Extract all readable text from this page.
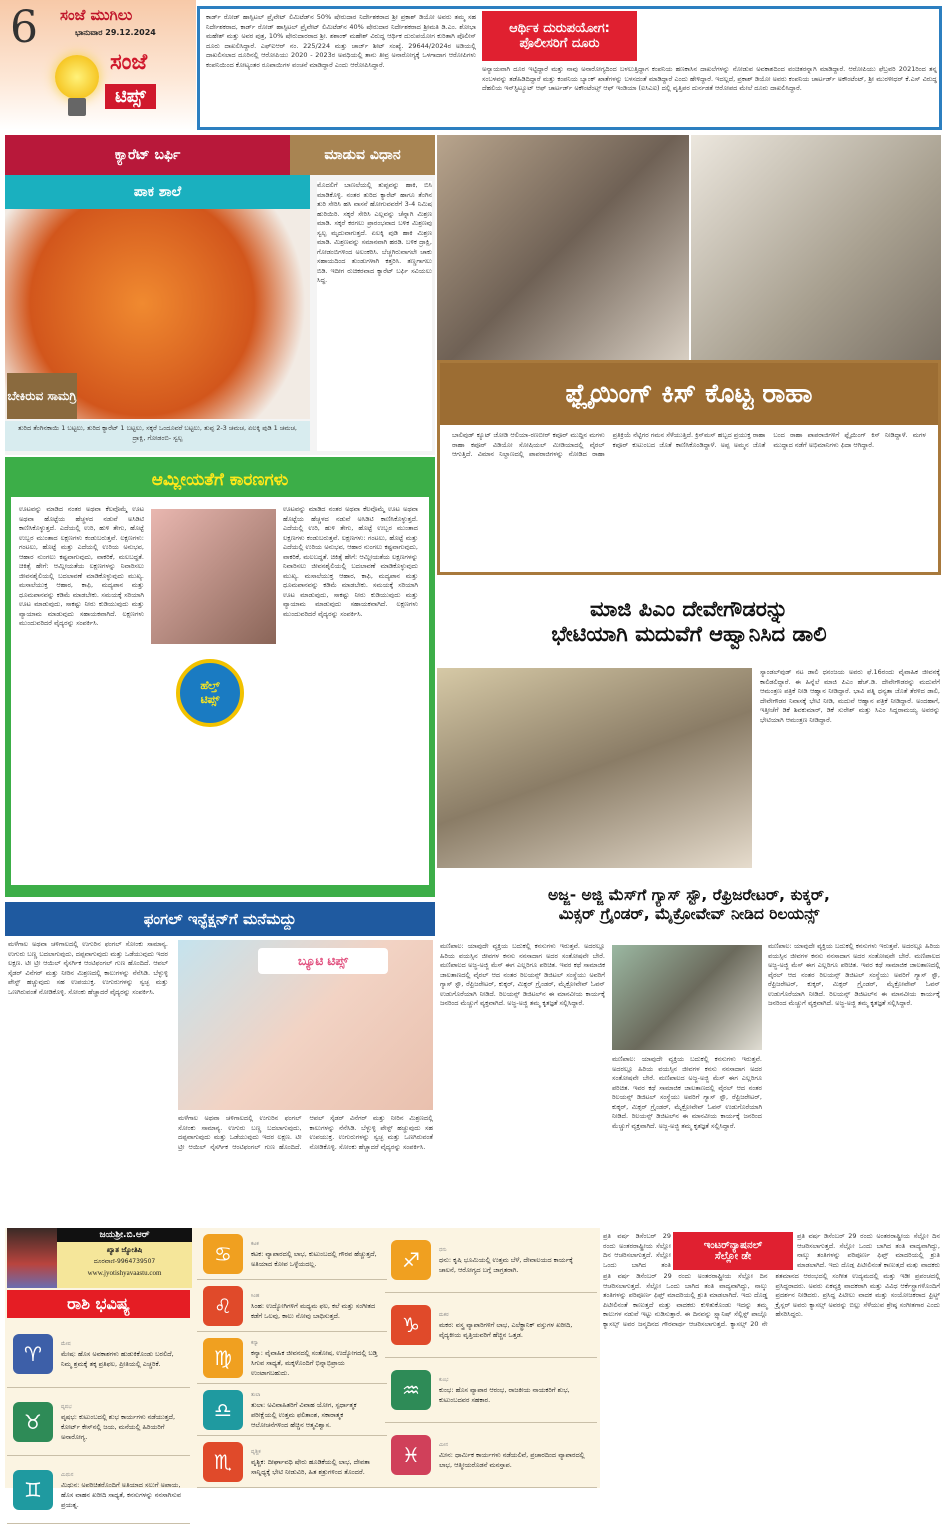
6 ಸಂಜೆ ಮುಗಿಲು
ಭಾನುವಾರ 29.12.2024
ಸಂಜೆ
ಟಿಪ್ಸ್
ಕಾರ್ಡ್ ರೋಡ್ ಹಾಸ್ಪಿಟಲ್ ಪ್ರೈವೇಟ್ ಲಿಮಿಟೆಡ್‌ನ 50% ಷೇರುದಾರ ನಿರ್ದೇಶಕರಾದ ಶ್ರೀ ಪ್ರಕಾಶ್ ಡಿಯೋ ಅವರು ತಮ್ಮ ಸಹ ನಿರ್ದೇಶಕರಾದ, ಕಾರ್ಡ್ ರೋಡ್ ಹಾಸ್ಪಿಟಲ್ ಪ್ರೈವೇಟ್ ಲಿಮಿಟೆಡ್‌ನ 40% ಷೇರುದಾರ ನಿರ್ದೇಶಕರಾದ ಶ್ರೀಮತಿ ಡಿ.ಎಂ. ಶೋಭಾ ಮಹೇಶ್ ಮತ್ತು ಅವರ ಪುತ್ರ, 10% ಷೇರುದಾರರಾದ ಶ್ರೀ. ಶಶಾಂಕ್ ಮಹೇಶ್ ವಿರುದ್ಧ ಆರ್ಥಿಕ ದುರುಪಯೋಗ ಕುರಿತಾಗಿ ಪೊಲೀಸ್ ದೂರು ದಾಖಲಿಸಿದ್ದಾರೆ. ಎಫ್‌ಐಆರ್ ನಂ. 225/224 ಮತ್ತು ಚಾರ್ಜ್ ಶೀಟ್ ಸಂಖ್ಯೆ. 29644/2024ರ ಅಡಿಯಲ್ಲಿ ದಾಖಲಿಸಲಾದ ದೂರಿನಲ್ಲಿ ಆರೋಪಿಯು 2020 - 2023ರ ಅವಧಿಯಲ್ಲಿ ತಾನು ತೀವ್ರ ಅನಾರೋಗ್ಯಕ್ಕೆ ಒಳಗಾದಾಗ ಆರೋಪಿಗಳು ಕಂಪನಿಯಿಂದ ಕೋಟ್ಯಂತರ ರೂಪಾಯಿಗಳ ವಂಚನೆ ಮಾಡಿದ್ದಾರೆ ಎಂದು ಆರೋಪಿಸಿದ್ದಾರೆ.
ಆರ್ಥಿಕ ದುರುಪಯೋಗ:
ಪೊಲೀಸರಿಗೆ ದೂರು
ಅನ್ಯಾಯವಾಗಿ ದೂರ ಇಟ್ಟಿದ್ದಾರೆ ಮತ್ತು ನಾವು ಅನಾರೋಗ್ಯದಿಂದ ಬಳಲುತ್ತಿದ್ದಾಗ ಕಂಪನಿಯ ಹಣಕಾಸಿನ ದಾಖಲೆಗಳನ್ನು ನೋಡುವ ಅವಕಾಶದಿಂದ ವಂಚಿತರನ್ನಾಗಿ ಮಾಡಿದ್ದಾರೆ. ಆರೋಪಿಯು ಫೆಬ್ರವರಿ 2021ರಿಂದ ತನ್ನ ಸಂಬಳವನ್ನು ತಡೆಹಿಡಿದಿದ್ದಾರೆ ಮತ್ತು ಕಂಪನಿಯ ಬ್ಯಾಂಕ್ ಖಾತೆಗಳನ್ನು ಬಳಸದಂತೆ ಮಾಡಿದ್ದಾರೆ ಎಂದು ಹೇಳಿದ್ದಾರೆ. ಇದಲ್ಲದೆ, ಪ್ರಕಾಶ್ ಡಿಯೋ ಅವರು ಕಂಪನಿಯ ಚಾರ್ಟರ್ಡ್ ಅಕೌಂಟೆಂಟ್, ಶ್ರೀ ಮುರಳೀಧರ್ ಕೆ.ಎಸ್ ವಿರುದ್ಧ ದೆಹಲಿಯ ಇನ್‌ಸ್ಟಿಟ್ಯೂಟ್ ಆಫ್ ಚಾರ್ಟರ್ಡ್ ಅಕೌಂಟೆಂಟ್ಸ್ ಆಫ್ ಇಂಡಿಯಾ (ಐಸಿಎಐ) ದಲ್ಲಿ ವೃತ್ತಿಪರ ದುರ್ನಡತೆ ಆರೋಪದ ಮೇಲೆ ದೂರು ದಾಖಲಿಸಿದ್ದಾರೆ.
ಕ್ಯಾರೆಟ್ ಬರ್ಫಿ	ಮಾಡುವ ವಿಧಾನ
ಪಾಕ ಶಾಲೆ
ಬೇಕಿರುವ ಸಾಮಗ್ರಿ
ತುರಿದ ತೆಂಗಿನಕಾಯಿ 1 ಬಟ್ಟಲು, ತುರಿದ ಕ್ಯಾರೆಟ್ 1 ಬಟ್ಟಲು, ಸಕ್ಕರೆ ಒಂದೂವರೆ ಬಟ್ಟಲು, ತುಪ್ಪ 2-3 ಚಮಚ, ಏಲಕ್ಕಿ ಪುಡಿ 1 ಚಮಚ, ದ್ರಾಕ್ಷಿ, ಗೋಡಂಬಿ- ಸ್ವಲ್ಪ
ಮೊದಲಿಗೆ ಬಾಣಲೆಯಲ್ಲಿ ತುಪ್ಪವನ್ನು ಹಾಕಿ, ಬಿಸಿ ಮಾಡಿಕೊಳ್ಳಿ. ನಂತರ ತುರಿದ ಕ್ಯಾರೆಟ್ ಹಾಗೂ ತೆಂಗಿನ ತುರಿ ಸೇರಿಸಿ ಹಸಿ ವಾಸನೆ ಹೋಗುವವರೆಗೆ 3-4 ನಿಮಿಷ ಹುರಿಯಿರಿ. ಸಕ್ಕರೆ ಸೇರಿಸಿ ಎಲ್ಲವನ್ನು ಚೆನ್ನಾಗಿ ಮಿಶ್ರಣ ಮಾಡಿ. ಸಕ್ಕರೆ ಕರಗಲು ಪ್ರಾರಂಭವಾದ ಬಳಿಕ ಮಿಶ್ರಣವು ಸ್ವಲ್ಪ ಮೃದುವಾಗುತ್ತದೆ. ಏಲಕ್ಕಿ ಪುಡಿ ಹಾಕಿ ಮಿಶ್ರಣ ಮಾಡಿ. ಮಿಶ್ರಣವನ್ನು ಸಮಾನವಾಗಿ ಹರಡಿ. ಬಳಿಕ ದ್ರಾಕ್ಷಿ, ಗೋಡಂಬಿಗಳಿಂದ ಅಲಂಕರಿಸಿ. ಬೆಚ್ಚಗಿರುವಾಗಲೇ ಚಾಕು ಸಹಾಯದಿಂದ ತುಂಡುಗಳಾಗಿ ಕತ್ತರಿಸಿ. ತಣ್ಣಗಾಗಲು ಬಿಡಿ. ಇದೀಗ ರುಚಿಕರವಾದ ಕ್ಯಾರೆಟ್ ಬರ್ಫಿ ಸವಿಯಲು ಸಿದ್ಧ.
ಫ್ಲೈಯಿಂಗ್ ಕಿಸ್ ಕೊಟ್ಟ ರಾಹಾ
ಬಾಲಿವುಡ್ ಕ್ಯೂಟ್ ಜೋಡಿ ಆಲಿಯಾ-ರಣಬೀರ್ ಕಪೂರ್ ಮುದ್ದಿನ ಮಗಳು ರಾಹಾ ಕಪೂರ್ ವಿಡಿಯೋ ಸೋಷಿಯಲ್ ಮೀಡಿಯಾದಲ್ಲಿ ವೈರಲ್ ಆಗುತ್ತಿದೆ. ವಿಮಾನ ನಿಲ್ದಾಣದಲ್ಲಿ ಪಾಪರಾಜಿಗಳನ್ನು ನೋಡಿದ ರಾಹಾ ಪ್ರತಿಕ್ರಿಯೆ ನೆಟ್ಟಿಗರ ಗಮನ ಸೆಳೆಯುತ್ತಿದೆ. ಕ್ರಿಸ್‌ಮಸ್ ಹಬ್ಬದ ಪ್ರಯುಕ್ತ ರಾಹಾ ಕಪೂರ್ ಕುಟುಂಬದ ಜೊತೆ ಕಾಣಿಸಿಕೊಂಡಿದ್ದಾಳೆ. ಅಪ್ಪ ಅಮ್ಮನ ಜೊತೆ ಬಂದ ರಾಹಾ ಪಾಪರಾಜಿಗಳಿಗೆ ಫ್ಲೈಯಿಂಗ್ ಕಿಸ್ ನೀಡಿದ್ದಾಳೆ. ಮಗಳ ಮುದ್ದಾದ ನಡೆಗೆ ಅಭಿಮಾನಿಗಳು ಫಿದಾ ಆಗಿದ್ದಾರೆ.
ಆಮ್ಲೀಯತೆಗೆ ಕಾರಣಗಳು
ಹೆಲ್ತ್
ಟಿಪ್ಸ್
ಊಟವನ್ನು ಮಾಡಿದ ನಂತರ ಅಥವಾ ಕೆಲವೊಮ್ಮೆ ಊಟ ಅಥವಾ ಹೊಟ್ಟೆಯ ಹೆಚ್ಚಳದ ನಡುವೆ ಅಸಿಡಿಟಿ ಕಾಣಿಸಿಕೊಳ್ಳುತ್ತದೆ. ಎದೆಯಲ್ಲಿ ಉರಿ, ಹುಳಿ ತೇಗು, ಹೊಟ್ಟೆ ಉಬ್ಬರ ಮುಂತಾದ ಲಕ್ಷಣಗಳು ಕಂಡುಬರುತ್ತವೆ. ಲಕ್ಷಣಗಳು: ಗಂಟಲು, ಹೊಟ್ಟೆ ಮತ್ತು ಎದೆಯಲ್ಲಿ ಉರಿಯ ಅನುಭವ, ಆಹಾರ ನುಂಗಲು ಕಷ್ಟವಾಗುವುದು, ವಾಕರಿಕೆ, ಮಲಬದ್ಧತೆ. ಚಿಕಿತ್ಸೆ ಹೇಗೆ: ಆಮ್ಲೀಯತೆಯ ಲಕ್ಷಣಗಳನ್ನು ನಿವಾರಿಸಲು ಜೀವನಶೈಲಿಯಲ್ಲಿ ಬದಲಾವಣೆ ಮಾಡಿಕೊಳ್ಳುವುದು ಮುಖ್ಯ. ಮಸಾಲೆಯುಕ್ತ ಆಹಾರ, ಕಾಫಿ, ಮದ್ಯಪಾನ ಮತ್ತು ಧೂಮಪಾನವನ್ನು ಕಡಿಮೆ ಮಾಡಬೇಕು. ಸಮಯಕ್ಕೆ ಸರಿಯಾಗಿ ಊಟ ಮಾಡುವುದು, ಸಾಕಷ್ಟು ನೀರು ಕುಡಿಯುವುದು ಮತ್ತು ವ್ಯಾಯಾಮ ಮಾಡುವುದು ಸಹಾಯಕವಾಗಿದೆ. ಲಕ್ಷಣಗಳು ಮುಂದುವರಿದರೆ ವೈದ್ಯರನ್ನು ಸಂಪರ್ಕಿಸಿ.
ಊಟವನ್ನು ಮಾಡಿದ ನಂತರ ಅಥವಾ ಕೆಲವೊಮ್ಮೆ ಊಟ ಅಥವಾ ಹೊಟ್ಟೆಯ ಹೆಚ್ಚಳದ ನಡುವೆ ಅಸಿಡಿಟಿ ಕಾಣಿಸಿಕೊಳ್ಳುತ್ತದೆ. ಎದೆಯಲ್ಲಿ ಉರಿ, ಹುಳಿ ತೇಗು, ಹೊಟ್ಟೆ ಉಬ್ಬರ ಮುಂತಾದ ಲಕ್ಷಣಗಳು ಕಂಡುಬರುತ್ತವೆ. ಲಕ್ಷಣಗಳು: ಗಂಟಲು, ಹೊಟ್ಟೆ ಮತ್ತು ಎದೆಯಲ್ಲಿ ಉರಿಯ ಅನುಭವ, ಆಹಾರ ನುಂಗಲು ಕಷ್ಟವಾಗುವುದು, ವಾಕರಿಕೆ, ಮಲಬದ್ಧತೆ. ಚಿಕಿತ್ಸೆ ಹೇಗೆ: ಆಮ್ಲೀಯತೆಯ ಲಕ್ಷಣಗಳನ್ನು ನಿವಾರಿಸಲು ಜೀವನಶೈಲಿಯಲ್ಲಿ ಬದಲಾವಣೆ ಮಾಡಿಕೊಳ್ಳುವುದು ಮುಖ್ಯ. ಮಸಾಲೆಯುಕ್ತ ಆಹಾರ, ಕಾಫಿ, ಮದ್ಯಪಾನ ಮತ್ತು ಧೂಮಪಾನವನ್ನು ಕಡಿಮೆ ಮಾಡಬೇಕು. ಸಮಯಕ್ಕೆ ಸರಿಯಾಗಿ ಊಟ ಮಾಡುವುದು, ಸಾಕಷ್ಟು ನೀರು ಕುಡಿಯುವುದು ಮತ್ತು ವ್ಯಾಯಾಮ ಮಾಡುವುದು ಸಹಾಯಕವಾಗಿದೆ. ಲಕ್ಷಣಗಳು ಮುಂದುವರಿದರೆ ವೈದ್ಯರನ್ನು ಸಂಪರ್ಕಿಸಿ.	ಮಾಜಿ ಪಿಎಂ ದೇವೇಗೌಡರನ್ನು
ಭೇಟಿಯಾಗಿ ಮದುವೆಗೆ ಆಹ್ವಾನಿಸಿದ ಡಾಲಿ
ಸ್ಯಾಂಡಲ್‌ವುಡ್ ನಟ ಡಾಲಿ ಧನಂಜಯ ಅವರು ಫೆ.16ರಂದು ವೈವಾಹಿಕ ಜೀವನಕ್ಕೆ ಕಾಲಿಡಲಿದ್ದಾರೆ. ಈ ಹಿನ್ನೆಲೆ ಮಾಜಿ ಪಿಎಂ ಹೆಚ್.ಡಿ. ದೇವೇಗೌಡರನ್ನು ಮದುವೆಗೆ ಆಮಂತ್ರಣ ಪತ್ರಿಕೆ ನೀಡಿ ಆಹ್ವಾನ ನೀಡಿದ್ದಾರೆ. ಭಾವಿ ಪತ್ನಿ ಧನ್ಯತಾ ಜೊತೆ ತೆರಳಿದ ಡಾಲಿ, ದೇವೇಗೌಡರ ನಿವಾಸಕ್ಕೆ ಭೇಟಿ ನೀಡಿ, ಮದುವೆ ಆಹ್ವಾನ ಪತ್ರಿಕೆ ನೀಡಿದ್ದಾರೆ. ಅಂದಹಾಗೆ, ಇತ್ತೀಚೆಗೆ ಡಿಕೆ ಶಿವಕುಮಾರ್, ಡಿಕೆ ಸುರೇಶ್ ಮತ್ತು ಸಿಎಂ ಸಿದ್ದರಾಮಯ್ಯ ಅವರನ್ನು ಭೇಟಿಯಾಗಿ ಆಮಂತ್ರಣ ನೀಡಿದ್ದಾರೆ.
ಅಜ್ಜ- ಅಜ್ಜಿ ಮೆಸ್‌ಗೆ ಗ್ಯಾಸ್ ಸ್ಟೌ, ರೆಫ್ರಿಜರೇಟರ್, ಕುಕ್ಕರ್,
ಮಿಕ್ಸರ್ ಗ್ರೈಂಡರ್, ಮೈಕ್ರೋವೇವ್ ನೀಡಿದ ರಿಲಯನ್ಸ್
ಮಣಿಪಾಲ: ಯಾವುದೇ ವ್ಯಕ್ತಿಯ ಬದುಕಲ್ಲಿ ಕನಸುಗಳು ಇರುತ್ತವೆ. ಅದರಲ್ಲೂ ಹಿರಿಯ ವಯಸ್ಸಿನ ಜೀವಗಳ ಕನಸು ನನಸಾದಾಗ ಅದರ ಸಂತೋಷವೇ ಬೇರೆ. ಮಣಿಪಾಲದ ಅಜ್ಜ-ಅಜ್ಜಿ ಮೆಸ್ ಈಗ ಎಲ್ಲರಿಗೂ ಪರಿಚಿತ. ಇವರ ಕಥೆ ಸಾಮಾಜಿಕ ಜಾಲತಾಣದಲ್ಲಿ ವೈರಲ್ ಆದ ನಂತರ ರಿಲಯನ್ಸ್ ಡಿಜಿಟಲ್ ಸಂಸ್ಥೆಯು ಅವರಿಗೆ ಗ್ಯಾಸ್ ಸ್ಟೌ, ರೆಫ್ರಿಜರೇಟರ್, ಕುಕ್ಕರ್, ಮಿಕ್ಸರ್ ಗ್ರೈಂಡರ್, ಮೈಕ್ರೋವೇವ್ ಓವನ್ ಉಡುಗೊರೆಯಾಗಿ ನೀಡಿದೆ. ರಿಲಯನ್ಸ್ ಡಿಜಿಟಲ್‌ನ ಈ ಮಾನವೀಯ ಕಾರ್ಯಕ್ಕೆ ಜನರಿಂದ ಮೆಚ್ಚುಗೆ ವ್ಯಕ್ತವಾಗಿದೆ. ಅಜ್ಜ-ಅಜ್ಜಿ ತಮ್ಮ ಕೃತಜ್ಞತೆ ಸಲ್ಲಿಸಿದ್ದಾರೆ.
ಮಣಿಪಾಲ: ಯಾವುದೇ ವ್ಯಕ್ತಿಯ ಬದುಕಲ್ಲಿ ಕನಸುಗಳು ಇರುತ್ತವೆ. ಅದರಲ್ಲೂ ಹಿರಿಯ ವಯಸ್ಸಿನ ಜೀವಗಳ ಕನಸು ನನಸಾದಾಗ ಅದರ ಸಂತೋಷವೇ ಬೇರೆ. ಮಣಿಪಾಲದ ಅಜ್ಜ-ಅಜ್ಜಿ ಮೆಸ್ ಈಗ ಎಲ್ಲರಿಗೂ ಪರಿಚಿತ. ಇವರ ಕಥೆ ಸಾಮಾಜಿಕ ಜಾಲತಾಣದಲ್ಲಿ ವೈರಲ್ ಆದ ನಂತರ ರಿಲಯನ್ಸ್ ಡಿಜಿಟಲ್ ಸಂಸ್ಥೆಯು ಅವರಿಗೆ ಗ್ಯಾಸ್ ಸ್ಟೌ, ರೆಫ್ರಿಜರೇಟರ್, ಕುಕ್ಕರ್, ಮಿಕ್ಸರ್ ಗ್ರೈಂಡರ್, ಮೈಕ್ರೋವೇವ್ ಓವನ್ ಉಡುಗೊರೆಯಾಗಿ ನೀಡಿದೆ. ರಿಲಯನ್ಸ್ ಡಿಜಿಟಲ್‌ನ ಈ ಮಾನವೀಯ ಕಾರ್ಯಕ್ಕೆ ಜನರಿಂದ ಮೆಚ್ಚುಗೆ ವ್ಯಕ್ತವಾಗಿದೆ. ಅಜ್ಜ-ಅಜ್ಜಿ ತಮ್ಮ ಕೃತಜ್ಞತೆ ಸಲ್ಲಿಸಿದ್ದಾರೆ.
ಮಣಿಪಾಲ: ಯಾವುದೇ ವ್ಯಕ್ತಿಯ ಬದುಕಲ್ಲಿ ಕನಸುಗಳು ಇರುತ್ತವೆ. ಅದರಲ್ಲೂ ಹಿರಿಯ ವಯಸ್ಸಿನ ಜೀವಗಳ ಕನಸು ನನಸಾದಾಗ ಅದರ ಸಂತೋಷವೇ ಬೇರೆ. ಮಣಿಪಾಲದ ಅಜ್ಜ-ಅಜ್ಜಿ ಮೆಸ್ ಈಗ ಎಲ್ಲರಿಗೂ ಪರಿಚಿತ. ಇವರ ಕಥೆ ಸಾಮಾಜಿಕ ಜಾಲತಾಣದಲ್ಲಿ ವೈರಲ್ ಆದ ನಂತರ ರಿಲಯನ್ಸ್ ಡಿಜಿಟಲ್ ಸಂಸ್ಥೆಯು ಅವರಿಗೆ ಗ್ಯಾಸ್ ಸ್ಟೌ, ರೆಫ್ರಿಜರೇಟರ್, ಕುಕ್ಕರ್, ಮಿಕ್ಸರ್ ಗ್ರೈಂಡರ್, ಮೈಕ್ರೋವೇವ್ ಓವನ್ ಉಡುಗೊರೆಯಾಗಿ ನೀಡಿದೆ. ರಿಲಯನ್ಸ್ ಡಿಜಿಟಲ್‌ನ ಈ ಮಾನವೀಯ ಕಾರ್ಯಕ್ಕೆ ಜನರಿಂದ ಮೆಚ್ಚುಗೆ ವ್ಯಕ್ತವಾಗಿದೆ. ಅಜ್ಜ-ಅಜ್ಜಿ ತಮ್ಮ ಕೃತಜ್ಞತೆ ಸಲ್ಲಿಸಿದ್ದಾರೆ.
ಫಂಗಲ್ ಇನ್ಫೆಕ್ಷನ್‌ಗೆ ಮನೆಮದ್ದು
ಮಳೆಗಾಲ ಅಥವಾ ಚಳಿಗಾಲದಲ್ಲಿ ಉಗುರಿನ ಫಂಗಲ್ ಸೋಂಕು ಸಾಮಾನ್ಯ. ಉಗುರು ಬಣ್ಣ ಬದಲಾಗುವುದು, ದಪ್ಪವಾಗುವುದು ಮತ್ತು ಒಡೆಯುವುದು ಇದರ ಲಕ್ಷಣ. ಟೀ ಟ್ರೀ ಆಯಿಲ್ ನೈಸರ್ಗಿಕ ಆಂಟಿಫಂಗಲ್ ಗುಣ ಹೊಂದಿದೆ. ಆಪಲ್ ಸೈಡರ್ ವಿನೆಗರ್ ಮತ್ತು ನೀರಿನ ಮಿಶ್ರಣದಲ್ಲಿ ಕಾಲುಗಳನ್ನು ನೆನೆಸಿಡಿ. ಬೆಳ್ಳುಳ್ಳಿ ಪೇಸ್ಟ್ ಹಚ್ಚುವುದು ಸಹ ಉಪಯುಕ್ತ. ಉಗುರುಗಳನ್ನು ಸ್ವಚ್ಛ ಮತ್ತು ಒಣಗಿರುವಂತೆ ನೋಡಿಕೊಳ್ಳಿ. ಸೋಂಕು ಹೆಚ್ಚಾದರೆ ವೈದ್ಯರನ್ನು ಸಂಪರ್ಕಿಸಿ.
ಬ್ಯೂಟಿ ಟಿಪ್ಸ್
ಮಳೆಗಾಲ ಅಥವಾ ಚಳಿಗಾಲದಲ್ಲಿ ಉಗುರಿನ ಫಂಗಲ್ ಸೋಂಕು ಸಾಮಾನ್ಯ. ಉಗುರು ಬಣ್ಣ ಬದಲಾಗುವುದು, ದಪ್ಪವಾಗುವುದು ಮತ್ತು ಒಡೆಯುವುದು ಇದರ ಲಕ್ಷಣ. ಟೀ ಟ್ರೀ ಆಯಿಲ್ ನೈಸರ್ಗಿಕ ಆಂಟಿಫಂಗಲ್ ಗುಣ ಹೊಂದಿದೆ. ಆಪಲ್ ಸೈಡರ್ ವಿನೆಗರ್ ಮತ್ತು ನೀರಿನ ಮಿಶ್ರಣದಲ್ಲಿ ಕಾಲುಗಳನ್ನು ನೆನೆಸಿಡಿ. ಬೆಳ್ಳುಳ್ಳಿ ಪೇಸ್ಟ್ ಹಚ್ಚುವುದು ಸಹ ಉಪಯುಕ್ತ. ಉಗುರುಗಳನ್ನು ಸ್ವಚ್ಛ ಮತ್ತು ಒಣಗಿರುವಂತೆ ನೋಡಿಕೊಳ್ಳಿ. ಸೋಂಕು ಹೆಚ್ಚಾದರೆ ವೈದ್ಯರನ್ನು ಸಂಪರ್ಕಿಸಿ.
ಜಯಶ್ರೀ.ಬಿ.ಆರ್
ಖ್ಯಾತ ಜ್ಯೋತಿಷಿ
ದೂರವಾಣಿ-9964739507
www.jyotishyavaastu.com
ರಾಶಿ ಭವಿಷ್ಯ
♈	ಮೇಷ
ಮೇಷ: ಹೊಸ ಅವಕಾಶಗಳು ಹುಡುಕಿಕೊಂಡು ಬರಲಿದೆ, ನಿಮ್ಮ ಶ್ರಮಕ್ಕೆ ತಕ್ಕ ಪ್ರತಿಫಲ, ಪ್ರೀತಿಯಲ್ಲಿ ಎಚ್ಚರಿಕೆ.
♉
ವೃಷಭ
ವೃಷಭ: ಕುಟುಂಬದಲ್ಲಿ ಶುಭ ಕಾರ್ಯಗಳು ನಡೆಯುತ್ತದೆ, ಕೋರ್ಟ್ ಕೇಸ್‌ನಲ್ಲಿ ಜಯ, ಮನೆಯಲ್ಲಿ ಹಿರಿಯರಿಗೆ ಅನಾರೋಗ್ಯ.
♊
ಮಿಥುನ
ಮಿಥುನ: ಅಪರಿಚಿತರೊಂದಿಗೆ ಅತಿಯಾದ ಸಲುಗೆ ಅಪಾಯ, ಹೊಸ ವಾಹನ ಖರೀದಿ ಸಾಧ್ಯತೆ, ಕನಸುಗಳನ್ನು ನನಸಾಗಿಸುವ ಪ್ರಯತ್ನ.
♋	ಕಟಕ
ಕಟಕ: ವ್ಯಾಪಾರದಲ್ಲಿ ಲಾಭ, ಕುಟುಂಬದಲ್ಲಿ ಗೌರವ ಹೆಚ್ಚುತ್ತದೆ, ಅತಿಯಾದ ಕೋಪ ಒಳ್ಳೆಯದಲ್ಲ.
♌	ಸಿಂಹ
ಸಿಂಹ: ಉದ್ಯೋಗಿಗಳಿಗೆ ಮಧ್ಯಮ ಫಲ, ಕಲೆ ಮತ್ತು ಸಂಗೀತದ ಕಡೆಗೆ ಒಲವು, ಕಾಲು ನೋವು ಬಾಧಿಸುತ್ತದೆ.
♍
ಕನ್ಯಾ
ಕನ್ಯಾ: ವೈವಾಹಿಕ ಜೀವನದಲ್ಲಿ ಸಂತೋಷ, ಉದ್ಯೋಗದಲ್ಲಿ ಬಡ್ತಿ ಸಿಗುವ ಸಾಧ್ಯತೆ, ಮಕ್ಕಳೊಂದಿಗೆ ಭಿನ್ನಾಭಿಪ್ರಾಯ ಉಂಟಾಗಬಹುದು.
♎
ತುಲಾ
ತುಲಾ: ಅವಿವಾಹಿತರಿಗೆ ವಿವಾಹ ಯೋಗ, ಸ್ಪರ್ಧಾತ್ಮಕ ಪರೀಕ್ಷೆಯಲ್ಲಿ ಉತ್ತಮ ಫಲಿತಾಂಶ, ಸಕಾರಾತ್ಮಕ ಆಲೋಚನೆಗಳಿಂದ ಹೆಚ್ಚಿನ ಆತ್ಮವಿಶ್ವಾಸ.
♏	ವೃಶ್ಚಿಕ
ವೃಶ್ಚಿಕ: ದೀರ್ಘಾವಧಿ ಷೇರು ಹೂಡಿಕೆಯಲ್ಲಿ ಲಾಭ, ದೇವತಾ ಸಾನ್ನಿಧ್ಯಕ್ಕೆ ಭೇಟಿ ನೀಡುವಿರಿ, ಹಿತ ಶತ್ರುಗಳಿಂದ ತೊಂದರೆ.
♐	ಧನು
ಧನು: ಕೃಷಿ ಭೂಮಿಯಲ್ಲಿ ಉತ್ತಮ ಬೆಳೆ, ದೇವಾಲಯದ ಕಾರ್ಯಕ್ಕೆ ಚಾಲನೆ, ಆರೋಗ್ಯದ ಬಗ್ಗೆ ಜಾಗ್ರತರಾಗಿ.
♑	ಮಕರ
ಮಕರ: ವಸ್ತ್ರ ವ್ಯಾಪಾರಿಗಳಿಗೆ ಲಾಭ, ಎಲೆಕ್ಟ್ರಾನಿಕ್ ವಸ್ತುಗಳ ಖರೀದಿ, ವೈದ್ಯಕೀಯ ವೃತ್ತಿಯವರಿಗೆ ಹೆಚ್ಚಿನ ಒತ್ತಡ.
♒	ಕುಂಭ
ಕುಂಭ: ಹೊಸ ವ್ಯಾಪಾರ ಆರಂಭ, ರಾಜಕೀಯ ನಾಯಕರಿಗೆ ಶುಭ, ಕುಟುಂಬದವರ ಸಹಕಾರ.
♓	ಮೀನ
ಮೀನ: ಧಾರ್ಮಿಕ ಕಾರ್ಯಗಳು ನಡೆಯಲಿವೆ, ಪ್ರಚಾರದಿಂದ ವ್ಯಾಪಾರದಲ್ಲಿ ಲಾಭ, ಆತ್ಮೀಯರೊಡನೆ ಮನಸ್ತಾಪ.
ಪ್ರತಿ ವರ್ಷ ಡಿಸೆಂಬರ್ 29 ರಂದು ಅಂತರರಾಷ್ಟ್ರೀಯ ಸೆಲ್ಲೋ ದಿನ ಆಚರಿಸಲಾಗುತ್ತದೆ. ಸೆಲ್ಲೋ ಒಂದು ಬಾಗಿದ ತಂತಿ
ಇಂಟರ್‌ನ್ಯಾಷನಲ್
ಸೆಲ್ಲೋ ಡೇ
ಪ್ರತಿ ವರ್ಷ ಡಿಸೆಂಬರ್ 29 ರಂದು ಅಂತರರಾಷ್ಟ್ರೀಯ ಸೆಲ್ಲೋ ದಿನ ಆಚರಿಸಲಾಗುತ್ತದೆ. ಸೆಲ್ಲೋ ಒಂದು ಬಾಗಿದ ತಂತಿ ವಾದ್ಯವಾಗಿದ್ದು, ನಾಲ್ಕು ತಂತಿಗಳನ್ನು ಪರಿಪೂರ್ಣ ಫಿಫ್ತ್ ಮಾದರಿಯಲ್ಲಿ ಶ್ರುತಿ ಮಾಡಲಾಗಿದೆ. ಇದು ದೊಡ್ಡ ಪಿಟೀಲಿನಂತೆ ಕಾಣುತ್ತದೆ ಮತ್ತು ವಾದಕರು
ಪ್ರತಿ ವರ್ಷ ಡಿಸೆಂಬರ್ 29 ರಂದು ಅಂತರರಾಷ್ಟ್ರೀಯ ಸೆಲ್ಲೋ ದಿನ ಆಚರಿಸಲಾಗುತ್ತದೆ. ಸೆಲ್ಲೋ ಒಂದು ಬಾಗಿದ ತಂತಿ ವಾದ್ಯವಾಗಿದ್ದು, ನಾಲ್ಕು ತಂತಿಗಳನ್ನು ಪರಿಪೂರ್ಣ ಫಿಫ್ತ್ ಮಾದರಿಯಲ್ಲಿ ಶ್ರುತಿ ಮಾಡಲಾಗಿದೆ. ಇದು ದೊಡ್ಡ ಪಿಟೀಲಿನಂತೆ ಕಾಣುತ್ತದೆ ಮತ್ತು ವಾದಕರು ಕುಳಿತುಕೊಂಡು ಇದನ್ನು ತಮ್ಮ ಕಾಲುಗಳ ನಡುವೆ ಇಟ್ಟು ನುಡಿಸುತ್ತಾರೆ. ಈ ದಿನವನ್ನು ಸ್ಪ್ಯಾನಿಷ್ ಸೆಲ್ಲಿಸ್ಟ್ ಪಾಬ್ಲೊ ಕ್ಯಾಸಲ್ಸ್ ಅವರ ಜನ್ಮದಿನದ ಗೌರವಾರ್ಥ ಆಚರಿಸಲಾಗುತ್ತದೆ. ಕ್ಯಾಸಲ್ಸ್ 20 ನೇ ಶತಮಾನದ ಆರಂಭದಲ್ಲಿ ಸಂಗೀತ ಉದ್ಯಮದಲ್ಲಿ ಮತ್ತು ಇಡೀ ಪ್ರಪಂಚದಲ್ಲಿ ಪ್ರಸಿದ್ಧರಾದರು. ಅವರು ಏಕವ್ಯಕ್ತಿ ವಾದಕರಾಗಿ ಮತ್ತು ವಿವಿಧ ಆರ್ಕೆಸ್ಟ್ರಾಗಳೊಂದಿಗೆ ಪ್ರದರ್ಶನ ನೀಡಿದರು. ಪ್ರಸಿದ್ಧ ಪಿಟೀಲು ವಾದಕ ಮತ್ತು ಸಂಯೋಜಕರಾದ ಫ್ರಿಟ್ಜ್ ಕ್ರೈಸ್ಲರ್ ಅವರು ಕ್ಯಾಸಲ್ಸ್ ಅವರನ್ನು ಬಿಲ್ಲು ಸೆಳೆಯುವ ಶ್ರೇಷ್ಠ ಸಂಗೀತಗಾರ ಎಂದು ಹೆಸರಿಸಿದ್ದರು.
